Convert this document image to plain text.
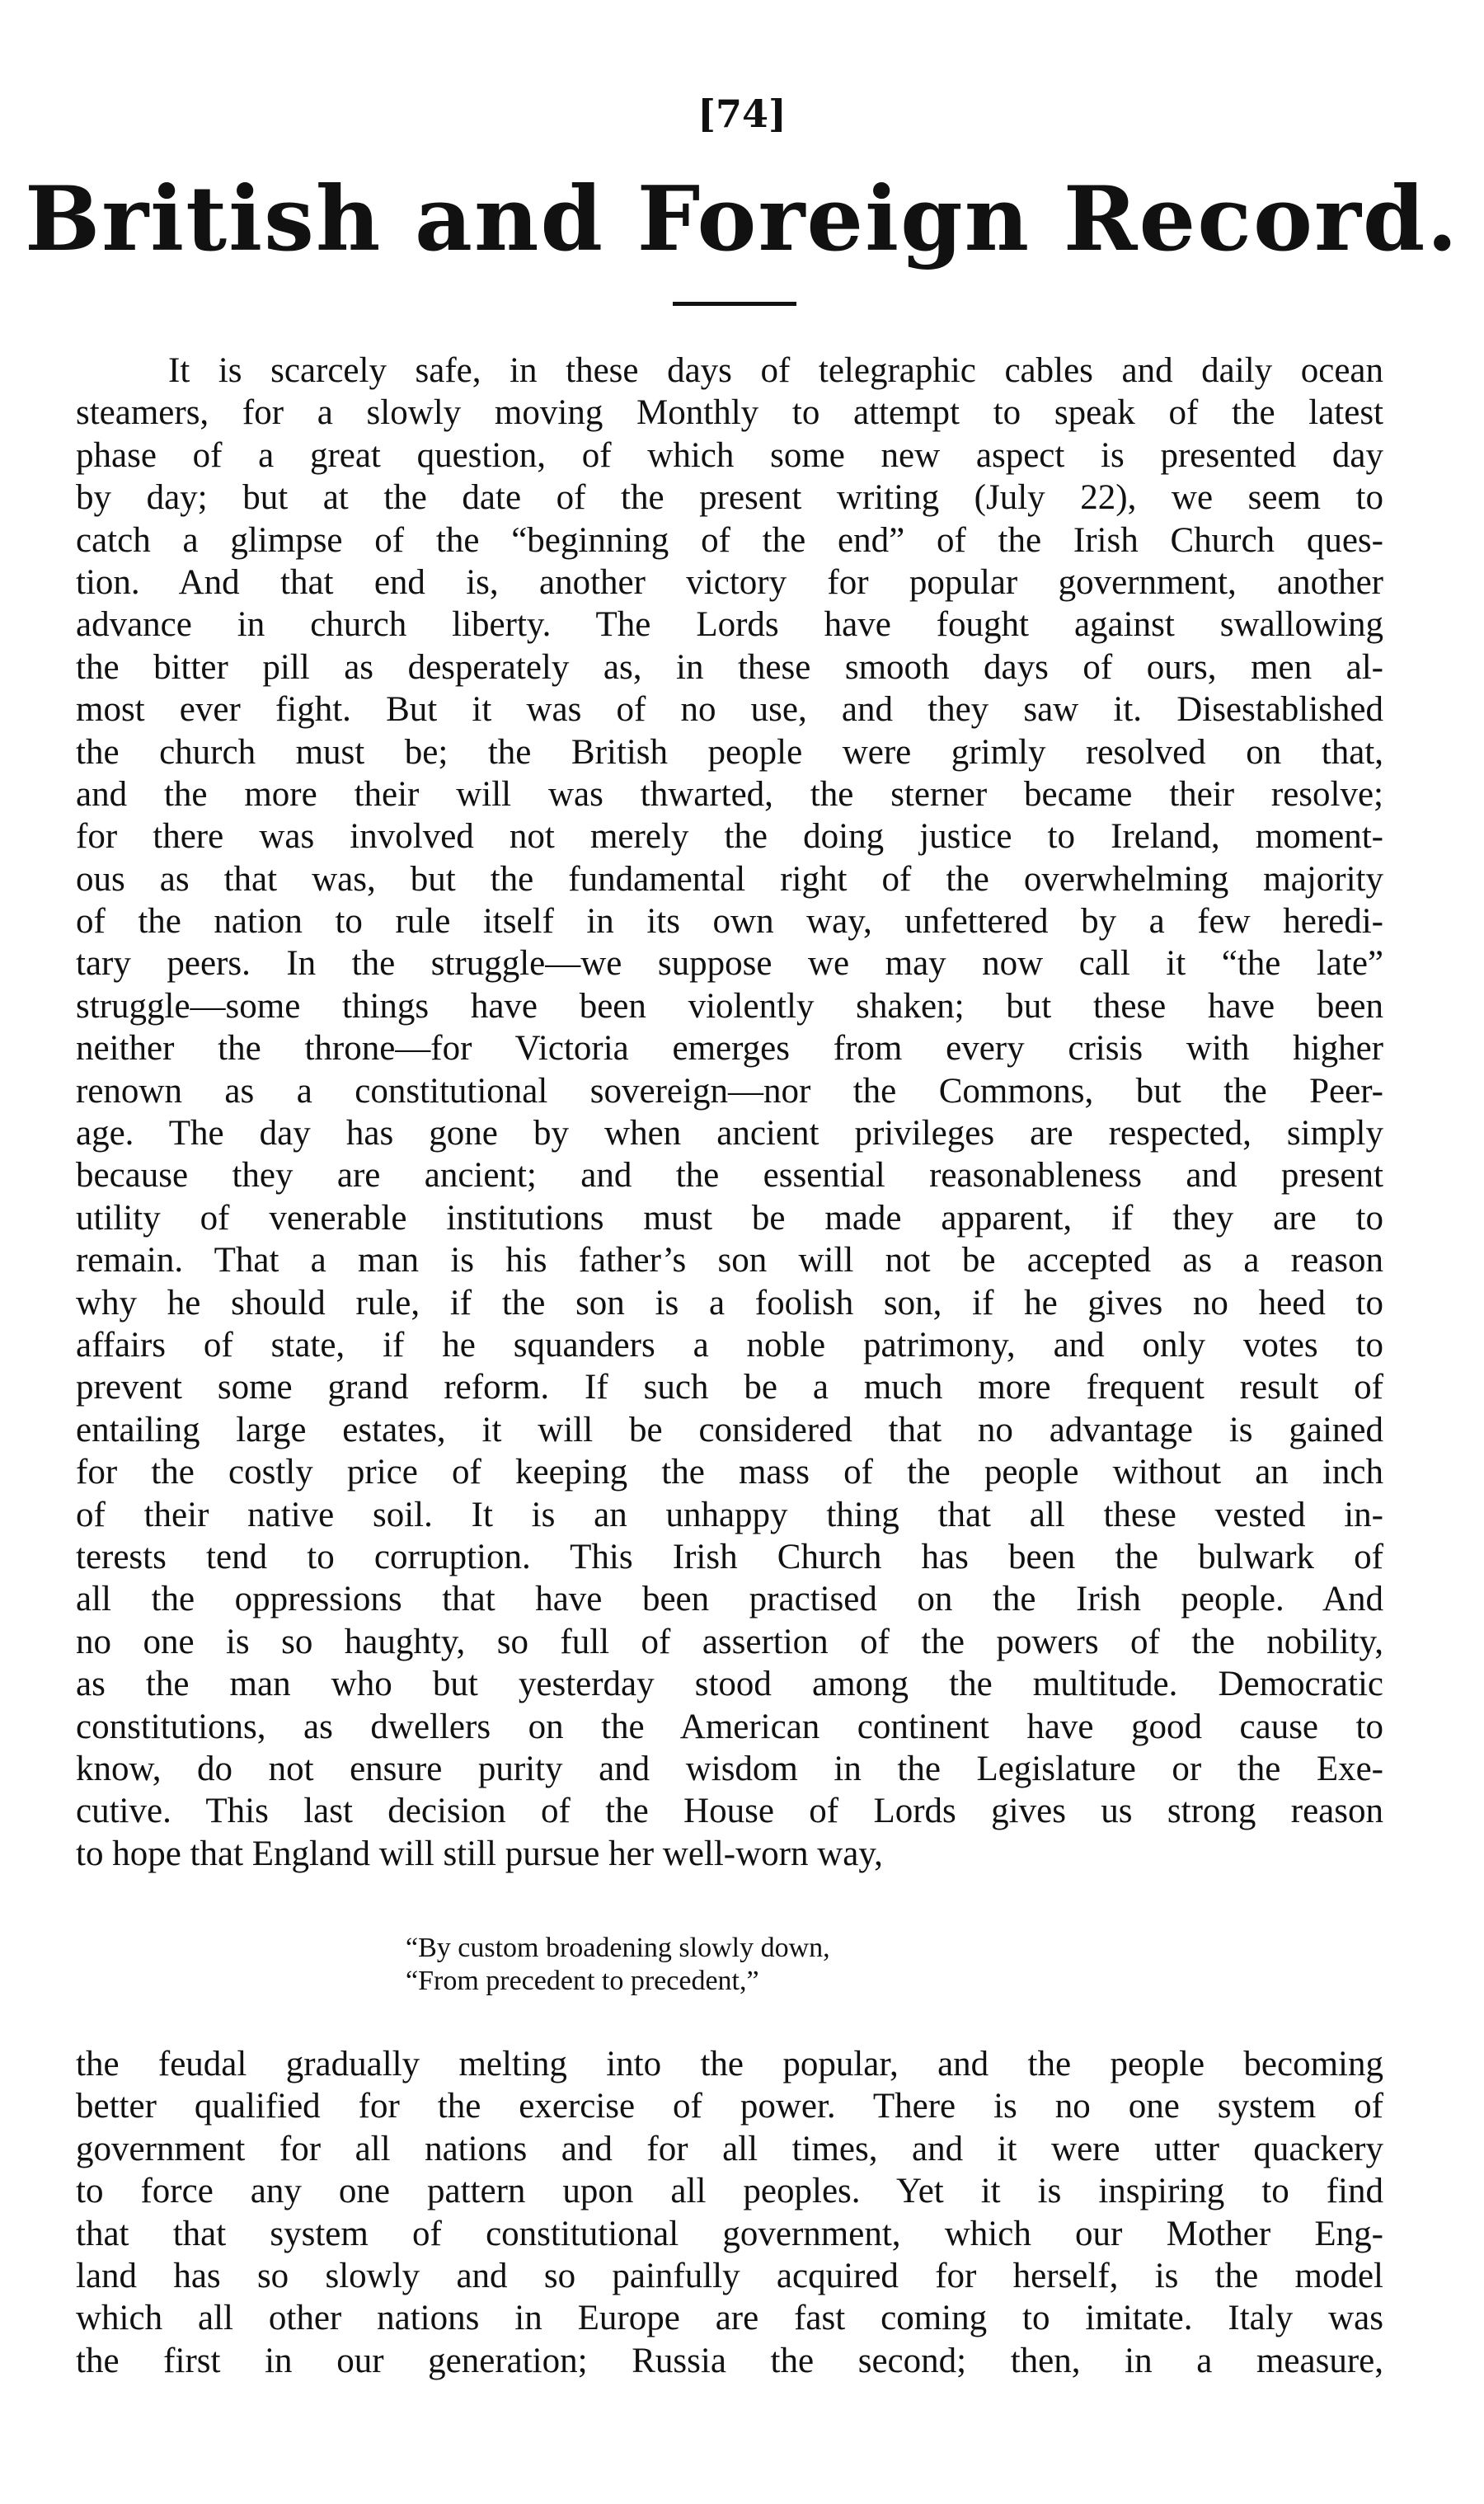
[74]
British and Foreign Record.
It is scarcely safe, in these days of telegraphic cables and daily ocean
steamers, for a slowly moving Monthly to attempt to speak of the latest
phase of a great question, of which some new aspect is presented day
by day; but at the date of the present writing (July 22), we seem to
catch a glimpse of the “beginning of the end” of the Irish Church ques-
tion. And that end is, another victory for popular government, another
advance in church liberty. The Lords have fought against swallowing
the bitter pill as desperately as, in these smooth days of ours, men al-
most ever fight. But it was of no use, and they saw it. Disestablished
the church must be; the British people were grimly resolved on that,
and the more their will was thwarted, the sterner became their resolve;
for there was involved not merely the doing justice to Ireland, moment-
ous as that was, but the fundamental right of the overwhelming majority
of the nation to rule itself in its own way, unfettered by a few heredi-
tary peers. In the struggle—we suppose we may now call it “the late”
struggle—some things have been violently shaken; but these have been
neither the throne—for Victoria emerges from every crisis with higher
renown as a constitutional sovereign—nor the Commons, but the Peer-
age. The day has gone by when ancient privileges are respected, simply
because they are ancient; and the essential reasonableness and present
utility of venerable institutions must be made apparent, if they are to
remain. That a man is his father’s son will not be accepted as a reason
why he should rule, if the son is a foolish son, if he gives no heed to
affairs of state, if he squanders a noble patrimony, and only votes to
prevent some grand reform. If such be a much more frequent result of
entailing large estates, it will be considered that no advantage is gained
for the costly price of keeping the mass of the people without an inch
of their native soil. It is an unhappy thing that all these vested in-
terests tend to corruption. This Irish Church has been the bulwark of
all the oppressions that have been practised on the Irish people. And
no one is so haughty, so full of assertion of the powers of the nobility,
as the man who but yesterday stood among the multitude. Democratic
constitutions, as dwellers on the American continent have good cause to
know, do not ensure purity and wisdom in the Legislature or the Exe-
cutive. This last decision of the House of Lords gives us strong reason
to hope that England will still pursue her well-worn way,
“By custom broadening slowly down,
“From precedent to precedent,”
the feudal gradually melting into the popular, and the people becoming
better qualified for the exercise of power. There is no one system of
government for all nations and for all times, and it were utter quackery
to force any one pattern upon all peoples. Yet it is inspiring to find
that that system of constitutional government, which our Mother Eng-
land has so slowly and so painfully acquired for herself, is the model
which all other nations in Europe are fast coming to imitate. Italy was
the first in our generation; Russia the second; then, in a measure,
